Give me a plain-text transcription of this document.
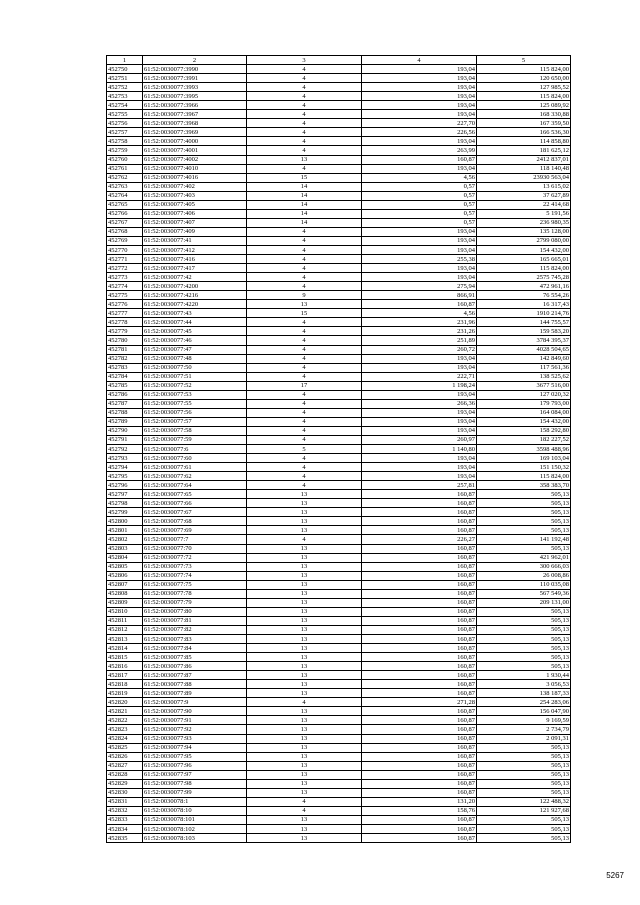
1	2	3	4	5
452750	61:52:0030077:3990	4	193,04	115 824,00
452751	61:52:0030077:3991	4	193,04	120 650,00
452752	61:52:0030077:3993	4	193,04	127 985,52
452753	61:52:0030077:3995	4	193,04	115 824,00
452754	61:52:0030077:3966	4	193,04	125 089,92
452755	61:52:0030077:3967	4	193,04	168 330,88
452756	61:52:0030077:3968	4	227,70	167 359,50
452757	61:52:0030077:3969	4	226,56	166 536,30
452758	61:52:0030077:4000	4	193,04	114 858,80
452759	61:52:0030077:4001	4	263,99	181 625,12
452760	61:52:0030077:4002	13	160,87	2412 837,01
452761	61:52:0030077:4010	4	193,04	118 140,48
452762	61:52:0030077:4016	15	4,56	23930 563,04
452763	61:52:0030077:402	14	0,57	13 615,02
452764	61:52:0030077:403	14	0,57	37 627,89
452765	61:52:0030077:405	14	0,57	22 414,68
452766	61:52:0030077:406	14	0,57	5 191,56
452767	61:52:0030077:407	14	0,57	236 980,35
452768	61:52:0030077:409	4	193,04	135 128,00
452769	61:52:0030077:41	4	193,04	2799 080,00
452770	61:52:0030077:412	4	193,04	154 432,00
452771	61:52:0030077:416	4	255,38	165 665,01
452772	61:52:0030077:417	4	193,04	115 824,00
452773	61:52:0030077:42	4	193,04	2575 745,28
452774	61:52:0030077:4200	4	275,94	472 961,16
452775	61:52:0030077:4216	9	866,91	76 554,26
452776	61:52:0030077:4220	13	160,87	16 317,43
452777	61:52:0030077:43	15	4,56	1910 214,76
452778	61:52:0030077:44	4	231,96	144 755,57
452779	61:52:0030077:45	4	231,26	159 583,20
452780	61:52:0030077:46	4	251,89	3784 395,37
452781	61:52:0030077:47	4	260,72	4028 504,65
452782	61:52:0030077:48	4	193,04	142 849,60
452783	61:52:0030077:50	4	193,04	117 561,36
452784	61:52:0030077:51	4	222,71	138 525,62
452785	61:52:0030077:52	17	1 198,24	3677 516,00
452786	61:52:0030077:53	4	193,04	127 020,32
452787	61:52:0030077:55	4	266,36	179 793,00
452788	61:52:0030077:56	4	193,04	164 084,00
452789	61:52:0030077:57	4	193,04	154 432,00
452790	61:52:0030077:58	4	193,04	158 292,80
452791	61:52:0030077:59	4	260,97	182 227,52
452792	61:52:0030077:6	5	1 140,80	3598 488,96
452793	61:52:0030077:60	4	193,04	169 103,04
452794	61:52:0030077:61	4	193,04	151 150,32
452795	61:52:0030077:62	4	193,04	115 824,00
452796	61:52:0030077:64	4	257,81	358 383,70
452797	61:52:0030077:65	13	160,87	505,13
452798	61:52:0030077:66	13	160,87	505,13
452799	61:52:0030077:67	13	160,87	505,13
452800	61:52:0030077:68	13	160,87	505,13
452801	61:52:0030077:69	13	160,87	505,13
452802	61:52:0030077:7	4	226,27	141 192,48
452803	61:52:0030077:70	13	160,87	505,13
452804	61:52:0030077:72	13	160,87	421 962,01
452805	61:52:0030077:73	13	160,87	300 666,03
452806	61:52:0030077:74	13	160,87	26 008,86
452807	61:52:0030077:75	13	160,87	110 035,08
452808	61:52:0030077:78	13	160,87	567 549,36
452809	61:52:0030077:79	13	160,87	209 131,00
452810	61:52:0030077:80	13	160,87	505,13
452811	61:52:0030077:81	13	160,87	505,13
452812	61:52:0030077:82	13	160,87	505,13
452813	61:52:0030077:83	13	160,87	505,13
452814	61:52:0030077:84	13	160,87	505,13
452815	61:52:0030077:85	13	160,87	505,13
452816	61:52:0030077:86	13	160,87	505,13
452817	61:52:0030077:87	13	160,87	1 930,44
452818	61:52:0030077:88	13	160,87	3 056,53
452819	61:52:0030077:89	13	160,87	138 187,33
452820	61:52:0030077:9	4	271,28	254 283,06
452821	61:52:0030077:90	13	160,87	156 047,90
452822	61:52:0030077:91	13	160,87	9 169,59
452823	61:52:0030077:92	13	160,87	2 734,79
452824	61:52:0030077:93	13	160,87	2 091,31
452825	61:52:0030077:94	13	160,87	505,13
452826	61:52:0030077:95	13	160,87	505,13
452827	61:52:0030077:96	13	160,87	505,13
452828	61:52:0030077:97	13	160,87	505,13
452829	61:52:0030077:98	13	160,87	505,13
452830	61:52:0030077:99	13	160,87	505,13
452831	61:52:0030078:1	4	131,20	122 488,32
452832	61:52:0030078:10	4	158,76	121 927,68
452833	61:52:0030078:101	13	160,87	505,13
452834	61:52:0030078:102	13	160,87	505,13
452835	61:52:0030078:103	13	160,87	505,13
5267
